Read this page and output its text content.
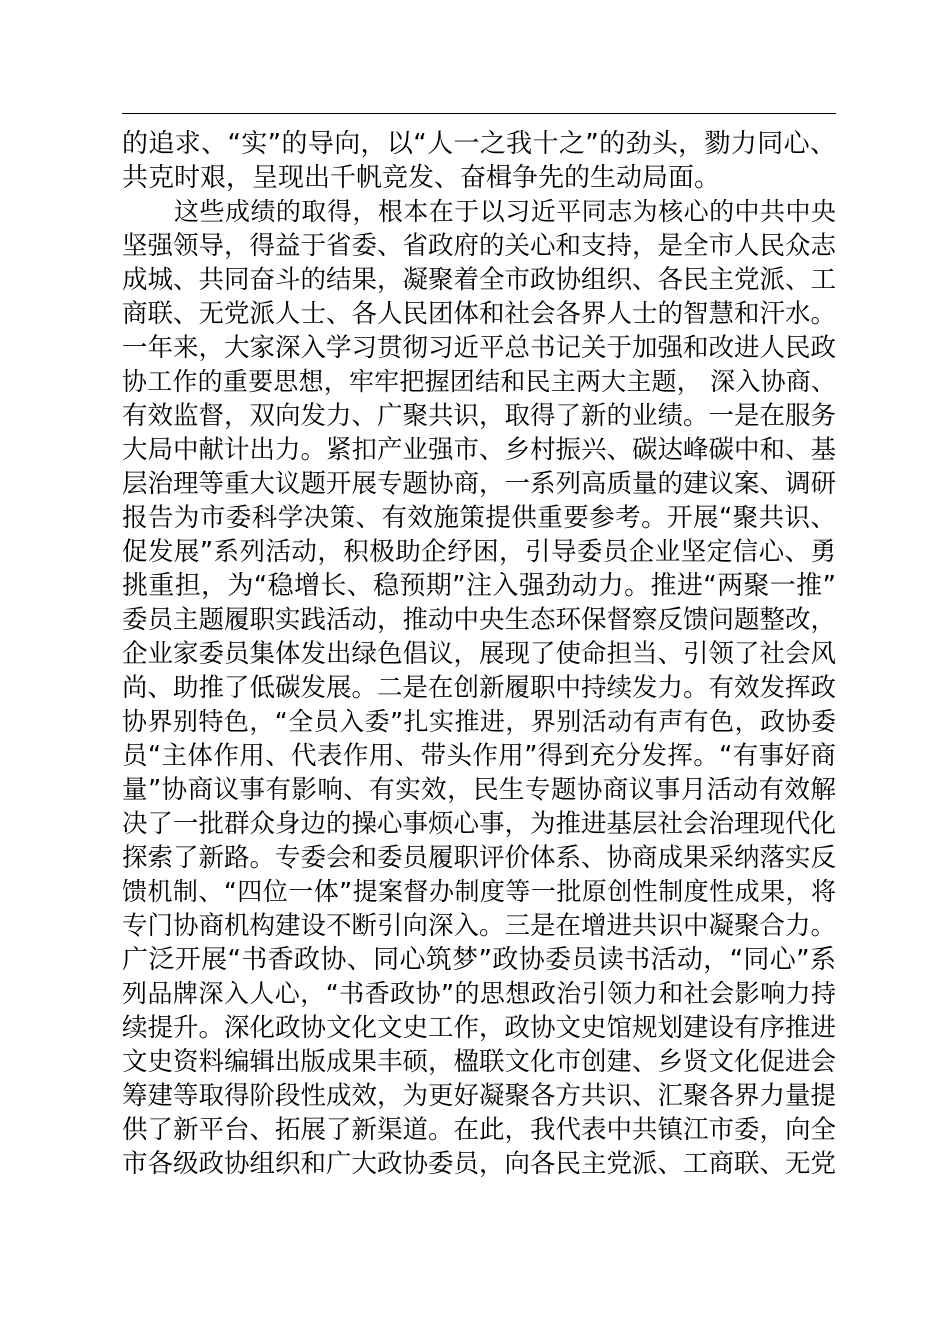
的追求、“实”的导向，以“人一之我十之”的劲头，勠力同心、
共克时艰，呈现出千帆竞发、奋楫争先的生动局面。
这些成绩的取得，根本在于以习近平同志为核心的中共中央
坚强领导，得益于省委、省政府的关心和支持，是全市人民众志
成城、共同奋斗的结果，凝聚着全市政协组织、各民主党派、工
商联、无党派人士、各人民团体和社会各界人士的智慧和汗水。
一年来，大家深入学习贯彻习近平总书记关于加强和改进人民政
协工作的重要思想，牢牢把握团结和民主两大主题， 深入协商、
有效监督，双向发力、广聚共识，取得了新的业绩。一是在服务
大局中献计出力。紧扣产业强市、乡村振兴、碳达峰碳中和、基
层治理等重大议题开展专题协商，一系列高质量的建议案、调研
报告为市委科学决策、有效施策提供重要参考。开展“聚共识、
促发展”系列活动，积极助企纾困，引导委员企业坚定信心、勇
挑重担，为“稳增长、稳预期”注入强劲动力。推进“两聚一推”
委员主题履职实践活动，推动中央生态环保督察反馈问题整改，
企业家委员集体发出绿色倡议，展现了使命担当、引领了社会风
尚、助推了低碳发展。二是在创新履职中持续发力。有效发挥政
协界别特色，“全员入委”扎实推进，界别活动有声有色，政协委
员“主体作用、代表作用、带头作用”得到充分发挥。“有事好商
量”协商议事有影响、有实效，民生专题协商议事月活动有效解
决了一批群众身边的操心事烦心事，为推进基层社会治理现代化
探索了新路。专委会和委员履职评价体系、协商成果采纳落实反
馈机制、“四位一体”提案督办制度等一批原创性制度性成果，将
专门协商机构建设不断引向深入。三是在增进共识中凝聚合力。
广泛开展“书香政协、同心筑梦”政协委员读书活动，“同心”系
列品牌深入人心，“书香政协”的思想政治引领力和社会影响力持
续提升。深化政协文化文史工作，政协文史馆规划建设有序推进
文史资料编辑出版成果丰硕，楹联文化市创建、乡贤文化促进会
筹建等取得阶段性成效，为更好凝聚各方共识、汇聚各界力量提
供了新平台、拓展了新渠道。在此，我代表中共镇江市委，向全
市各级政协组织和广大政协委员，向各民主党派、工商联、无党
